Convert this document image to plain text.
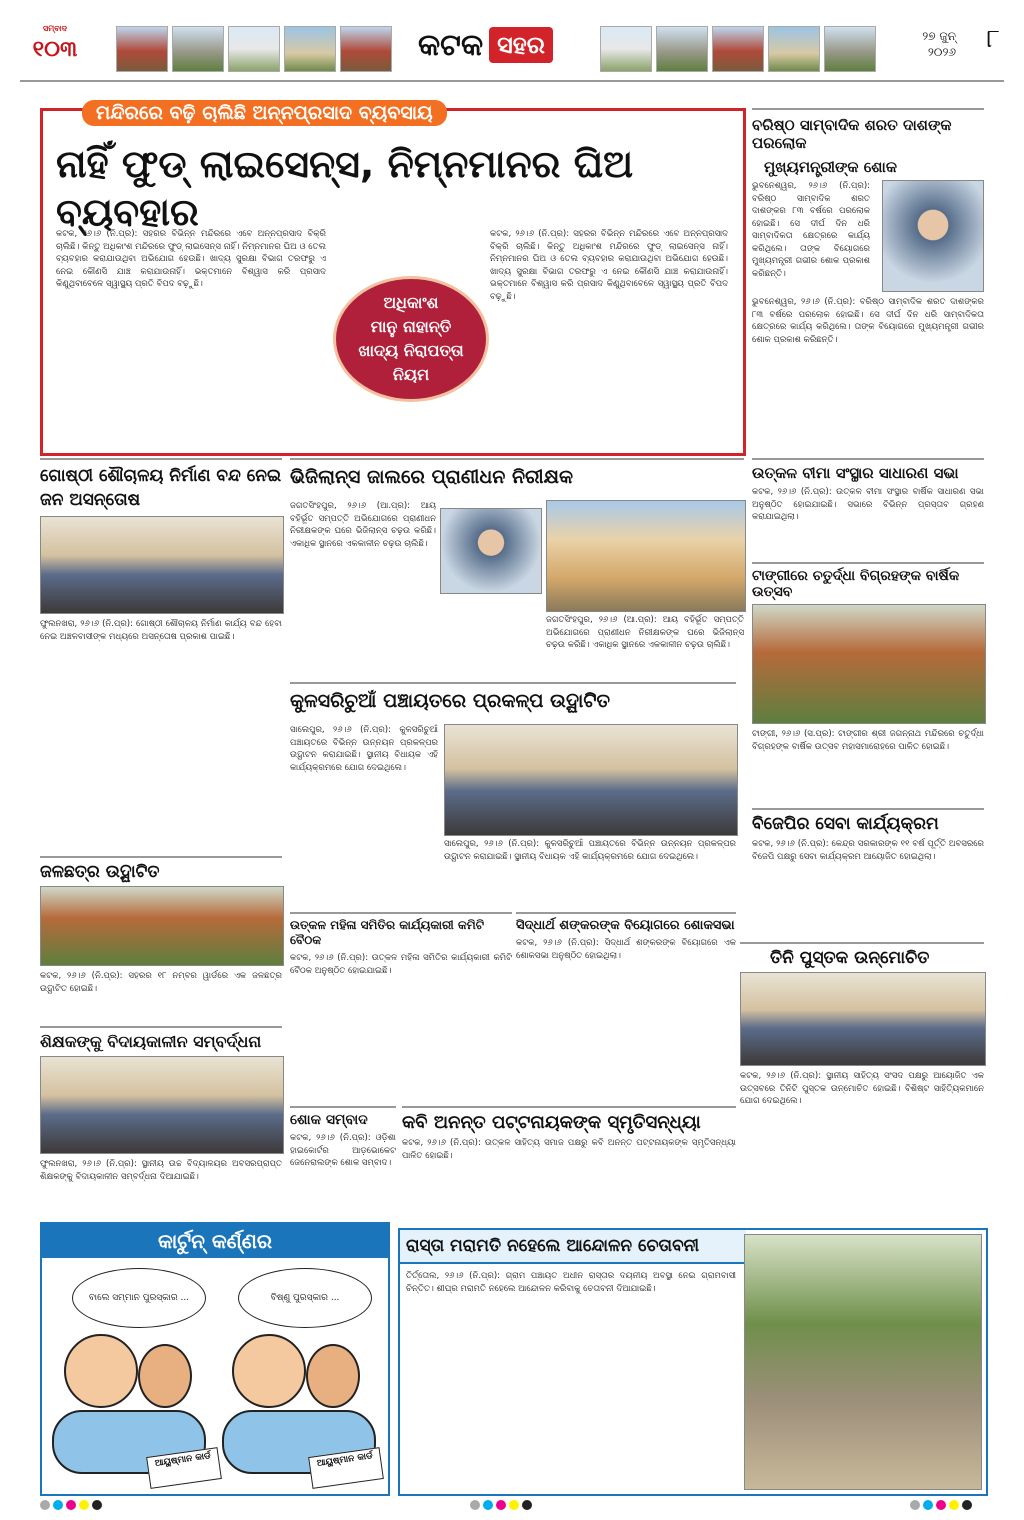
ସମ୍ବାଦ
୧୦୩	କଟକ ସହର	୨୭ ଜୁନ୍
୨୦୨୬ ୮
ମନ୍ଦିରରେ ବଢ଼ି ଚାଲିଛି ଅନ୍ନପ୍ରସାଦ ବ୍ୟବସାୟ
ନାହିଁ ଫୁଡ୍ ଲାଇସେନ୍ସ, ନିମ୍ନମାନର ଘିଅ ବ୍ୟବହାର
କଟକ, ୨୬।୬ (ନି.ପ୍ର): ସହରର ବିଭିନ୍ନ ମନ୍ଦିରରେ ଏବେ ଅନ୍ନପ୍ରସାଦ ବିକ୍ରି ଚାଲିଛି। କିନ୍ତୁ ଅଧିକାଂଶ ମନ୍ଦିରରେ ଫୁଡ୍ ଲାଇସେନ୍ସ ନାହିଁ। ନିମ୍ନମାନର ଘିଅ ଓ ତେଲ ବ୍ୟବହାର କରାଯାଉଥିବା ଅଭିଯୋଗ ହେଉଛି। ଖାଦ୍ୟ ସୁରକ୍ଷା ବିଭାଗ ତରଫରୁ ଏ ନେଇ କୌଣସି ଯାଞ୍ଚ କରାଯାଉନାହିଁ। ଭକ୍ତମାନେ ବିଶ୍ୱାସ କରି ପ୍ରସାଦ କିଣୁଥିବାବେଳେ ସ୍ୱାସ୍ଥ୍ୟ ପ୍ରତି ବିପଦ ବଢ଼ୁଛି।
କଟକ, ୨୬।୬ (ନି.ପ୍ର): ସହରର ବିଭିନ୍ନ ମନ୍ଦିରରେ ଏବେ ଅନ୍ନପ୍ରସାଦ ବିକ୍ରି ଚାଲିଛି। କିନ୍ତୁ ଅଧିକାଂଶ ମନ୍ଦିରରେ ଫୁଡ୍ ଲାଇସେନ୍ସ ନାହିଁ। ନିମ୍ନମାନର ଘିଅ ଓ ତେଲ ବ୍ୟବହାର କରାଯାଉଥିବା ଅଭିଯୋଗ ହେଉଛି। ଖାଦ୍ୟ ସୁରକ୍ଷା ବିଭାଗ ତରଫରୁ ଏ ନେଇ କୌଣସି ଯାଞ୍ଚ କରାଯାଉନାହିଁ। ଭକ୍ତମାନେ ବିଶ୍ୱାସ କରି ପ୍ରସାଦ କିଣୁଥିବାବେଳେ ସ୍ୱାସ୍ଥ୍ୟ ପ୍ରତି ବିପଦ ବଢ଼ୁଛି।
ଅଧିକାଂଶ
ମାନୁ ନାହାନ୍ତି
ଖାଦ୍ୟ ନିରାପତ୍ତା
ନିୟମ
ବରିଷ୍ଠ ସାମ୍ବାଦିକ ଶରତ ଦାଶଙ୍କ ପରଲୋକ
ମୁଖ୍ୟମନ୍ତ୍ରୀଙ୍କ ଶୋକ
ଭୁବନେଶ୍ୱର, ୨୬।୬ (ନି.ପ୍ର): ବରିଷ୍ଠ ସାମ୍ବାଦିକ ଶରତ ଦାଶଙ୍କର ୮୩ ବର୍ଷରେ ପରଲୋକ ହୋଇଛି। ସେ ଦୀର୍ଘ ଦିନ ଧରି ସାମ୍ବାଦିକତା କ୍ଷେତ୍ରରେ କାର୍ଯ୍ୟ କରିଥିଲେ। ତାଙ୍କ ବିୟୋଗରେ ମୁଖ୍ୟମନ୍ତ୍ରୀ ଗଭୀର ଶୋକ ପ୍ରକାଶ କରିଛନ୍ତି।
ଭୁବନେଶ୍ୱର, ୨୬।୬ (ନି.ପ୍ର): ବରିଷ୍ଠ ସାମ୍ବାଦିକ ଶରତ ଦାଶଙ୍କର ୮୩ ବର୍ଷରେ ପରଲୋକ ହୋଇଛି। ସେ ଦୀର୍ଘ ଦିନ ଧରି ସାମ୍ବାଦିକତା କ୍ଷେତ୍ରରେ କାର୍ଯ୍ୟ କରିଥିଲେ। ତାଙ୍କ ବିୟୋଗରେ ମୁଖ୍ୟମନ୍ତ୍ରୀ ଗଭୀର ଶୋକ ପ୍ରକାଶ କରିଛନ୍ତି।
ଉତ୍କଳ ବୀମା ସଂସ୍ଥାର ସାଧାରଣ ସଭା
କଟକ, ୨୬।୬ (ନି.ପ୍ର): ଉତ୍କଳ ବୀମା ସଂସ୍ଥାର ବାର୍ଷିକ ସାଧାରଣ ସଭା ଅନୁଷ୍ଠିତ ହୋଇଯାଇଛି। ସଭାରେ ବିଭିନ୍ନ ପ୍ରସ୍ତାବ ଗ୍ରହଣ କରାଯାଇଥିଲା।
ଟାଙ୍ଗୀରେ ଚତୁର୍ଦ୍ଧା ବିଗ୍ରହଙ୍କ ବାର୍ଷିକ ଉତ୍ସବ
ଟାଙ୍ଗୀ, ୨୬।୬ (ସ.ପ୍ର): ଟାଙ୍ଗୀର ଶ୍ରୀ ଜଗନ୍ନାଥ ମନ୍ଦିରରେ ଚତୁର୍ଦ୍ଧା ବିଗ୍ରହଙ୍କ ବାର୍ଷିକ ଉତ୍ସବ ମହାସମାରୋହରେ ପାଳିତ ହୋଇଛି।
ବିଜେପିର ସେବା କାର୍ଯ୍ୟକ୍ରମ
କଟକ, ୨୬।୬ (ନି.ପ୍ର): କେନ୍ଦ୍ର ସରକାରଙ୍କ ୧୧ ବର୍ଷ ପୂର୍ତ୍ତି ଅବସରରେ ବିଜେପି ପକ୍ଷରୁ ସେବା କାର୍ଯ୍ୟକ୍ରମ ଆୟୋଜିତ ହୋଇଥିଲା।
ତିନି ପୁସ୍ତକ ଉନ୍ମୋଚିତ
କଟକ, ୨୬।୬ (ନି.ପ୍ର): ସ୍ଥାନୀୟ ସାହିତ୍ୟ ସଂସଦ ପକ୍ଷରୁ ଆୟୋଜିତ ଏକ ଉତ୍ସବରେ ତିନିଟି ପୁସ୍ତକ ଉନ୍ମୋଚିତ ହୋଇଛି। ବିଶିଷ୍ଟ ସାହିତ୍ୟିକମାନେ ଯୋଗ ଦେଇଥିଲେ।
ଗୋଷ୍ଠୀ ଶୌଚାଳୟ ନିର୍ମାଣ ବନ୍ଦ ନେଇ ଜନ ଅସନ୍ତୋଷ
ଫୁଲନଖରା, ୨୬।୬ (ନି.ପ୍ର): ଗୋଷ୍ଠୀ ଶୌଚାଳୟ ନିର୍ମାଣ କାର୍ଯ୍ୟ ବନ୍ଦ ହେବା ନେଇ ଅଞ୍ଚଳବାସୀଙ୍କ ମଧ୍ୟରେ ଅସନ୍ତୋଷ ପ୍ରକାଶ ପାଇଛି।
ଜଳଛତ୍ର ଉଦ୍ଘାଟିତ
କଟକ, ୨୬।୬ (ନି.ପ୍ର): ସହରର ୧୮ ନମ୍ବର ୱାର୍ଡରେ ଏକ ଜଳଛତ୍ର ଉଦ୍ଘାଟିତ ହୋଇଛି।
ଶିକ୍ଷକଙ୍କୁ ବିଦାୟକାଳୀନ ସମ୍ବର୍ଦ୍ଧନା
ଫୁଲନଖରା, ୨୬।୬ (ନି.ପ୍ର): ସ୍ଥାନୀୟ ଉଚ୍ଚ ବିଦ୍ୟାଳୟର ଅବସରପ୍ରାପ୍ତ ଶିକ୍ଷକଙ୍କୁ ବିଦାୟକାଳୀନ ସମ୍ବର୍ଦ୍ଧନା ଦିଆଯାଇଛି।
ଭିଜିଲାନ୍ସ ଜାଲରେ ପ୍ରାଣୀଧନ ନିରୀକ୍ଷକ
ଜଗତସିଂହପୁର, ୨୬।୬ (ଆ.ପ୍ର): ଆୟ ବହିର୍ଭୂତ ସମ୍ପତ୍ତି ଅଭିଯୋଗରେ ପ୍ରାଣୀଧନ ନିରୀକ୍ଷକଙ୍କ ଘରେ ଭିଜିଲାନ୍ସ ଚଢ଼ଉ କରିଛି। ଏକାଧିକ ସ୍ଥାନରେ ଏକକାଳୀନ ଚଢ଼ଉ ଚାଲିଛି।
ଜଗତସିଂହପୁର, ୨୬।୬ (ଆ.ପ୍ର): ଆୟ ବହିର୍ଭୂତ ସମ୍ପତ୍ତି ଅଭିଯୋଗରେ ପ୍ରାଣୀଧନ ନିରୀକ୍ଷକଙ୍କ ଘରେ ଭିଜିଲାନ୍ସ ଚଢ଼ଉ କରିଛି। ଏକାଧିକ ସ୍ଥାନରେ ଏକକାଳୀନ ଚଢ଼ଉ ଚାଲିଛି।
କୁଳସରିଚୁଆଁ ପଞ୍ଚାୟତରେ ପ୍ରକଳ୍ପ ଉଦ୍ଘାଟିତ
ସାଲେପୁର, ୨୬।୬ (ନି.ପ୍ର): କୁଳସରିଚୁଆଁ ପଞ୍ଚାୟତରେ ବିଭିନ୍ନ ଉନ୍ନୟନ ପ୍ରକଳ୍ପର ଉଦ୍ଘାଟନ କରାଯାଇଛି। ସ୍ଥାନୀୟ ବିଧାୟକ ଏହି କାର୍ଯ୍ୟକ୍ରମରେ ଯୋଗ ଦେଇଥିଲେ।
ସାଲେପୁର, ୨୬।୬ (ନି.ପ୍ର): କୁଳସରିଚୁଆଁ ପଞ୍ଚାୟତରେ ବିଭିନ୍ନ ଉନ୍ନୟନ ପ୍ରକଳ୍ପର ଉଦ୍ଘାଟନ କରାଯାଇଛି। ସ୍ଥାନୀୟ ବିଧାୟକ ଏହି କାର୍ଯ୍ୟକ୍ରମରେ ଯୋଗ ଦେଇଥିଲେ।
ଉତ୍କଳ ମହିଳା ସମିତିର କାର୍ଯ୍ୟକାରୀ କମିଟି ବୈଠକ
କଟକ, ୨୬।୬ (ନି.ପ୍ର): ଉତ୍କଳ ମହିଳା ସମିତିର କାର୍ଯ୍ୟକାରୀ କମିଟି ବୈଠକ ଅନୁଷ୍ଠିତ ହୋଇଯାଇଛି।
ସିଦ୍ଧାର୍ଥ ଶଙ୍କରଙ୍କ ବିୟୋଗରେ ଶୋକସଭା
କଟକ, ୨୬।୬ (ନି.ପ୍ର): ସିଦ୍ଧାର୍ଥ ଶଙ୍କରଙ୍କ ବିୟୋଗରେ ଏକ ଶୋକସଭା ଅନୁଷ୍ଠିତ ହୋଇଥିଲା।
ଶୋକ ସମ୍ବାଦ
କଟକ, ୨୬।୬ (ନି.ପ୍ର): ଓଡ଼ିଶା ହାଇକୋର୍ଟର ଆଡ଼ଭୋକେଟ ଜେନେରାଲଙ୍କ ଶୋକ ସମ୍ବାଦ।
କବି ଅନନ୍ତ ପଟ୍ଟନାୟକଙ୍କ ସ୍ମୃତିସନ୍ଧ୍ୟା
କଟକ, ୨୬।୬ (ନି.ପ୍ର): ଉତ୍କଳ ସାହିତ୍ୟ ସମାଜ ପକ୍ଷରୁ କବି ଅନନ୍ତ ପଟ୍ଟନାୟକଙ୍କ ସ୍ମୃତିସନ୍ଧ୍ୟା ପାଳିତ ହୋଇଛି।
କାର୍ଟୁନ୍ କର୍ଣ୍ଣର
ବାଲେ ସମ୍ମାନ ପୁରସ୍କାର ...	ବିଷ୍ଣୁ ପୁରସ୍କାର ...
ଆୟୁଷ୍ମାନ କାର୍ଡ	ଆୟୁଷ୍ମାନ କାର୍ଡ
ରାସ୍ତା ମରାମତି ନହେଲେ ଆନ୍ଦୋଳନ ଚେତାବନୀ
ତିର୍ତ୍ତୋଲ, ୨୬।୬ (ନି.ପ୍ର): ଗ୍ରାମ ପଞ୍ଚାୟତ ଅଧୀନ ରାସ୍ତାର ଦୟନୀୟ ଅବସ୍ଥା ନେଇ ଗ୍ରାମବାସୀ ଚିନ୍ତିତ। ଶୀଘ୍ର ମରାମତି ନହେଲେ ଆନ୍ଦୋଳନ କରିବାକୁ ଚେତାବନୀ ଦିଆଯାଇଛି।
